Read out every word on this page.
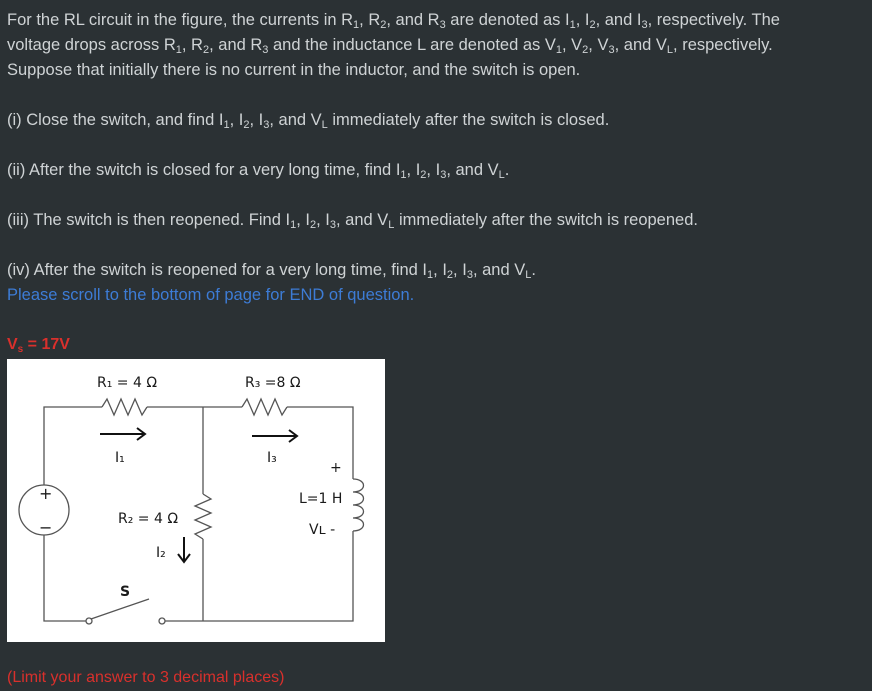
For the RL circuit in the figure, the currents in $R_1$, $R_2$, and $R_3$ are denoted as $I_1$, $I_2$, and $I_3$, respectively. The
voltage drops across $R_1$, $R_2$, and $R_3$ and the inductance L are denoted as $V_1$, $V_2$, $V_3$, and $V_L$, respectively.
Suppose that initially there is no current in the inductor, and the switch is open.

(i) Close the switch, and find $I_1$, $I_2$, $I_3$, and $V_L$ immediately after the switch is closed.

(ii) After the switch is closed for a very long time, find $I_1$, $I_2$, $I_3$, and $V_L$.

(iii) The switch is then reopened. Find $I_1$, $I_2$, $I_3$, and $V_L$ immediately after the switch is reopened.

(iv) After the switch is reopened for a very long time, find $I_1$, $I_2$, $I_3$, and $V_L$.
Please scroll to the bottom of page for END of question.

$V_s = 17V$
R₁ = 4 Ω	R₃ =8 Ω
I₁	I₃
+
L=1 H
Vʟ -
R₂ = 4 Ω
I₂
S
+
−
(Limit your answer to 3 decimal places)
